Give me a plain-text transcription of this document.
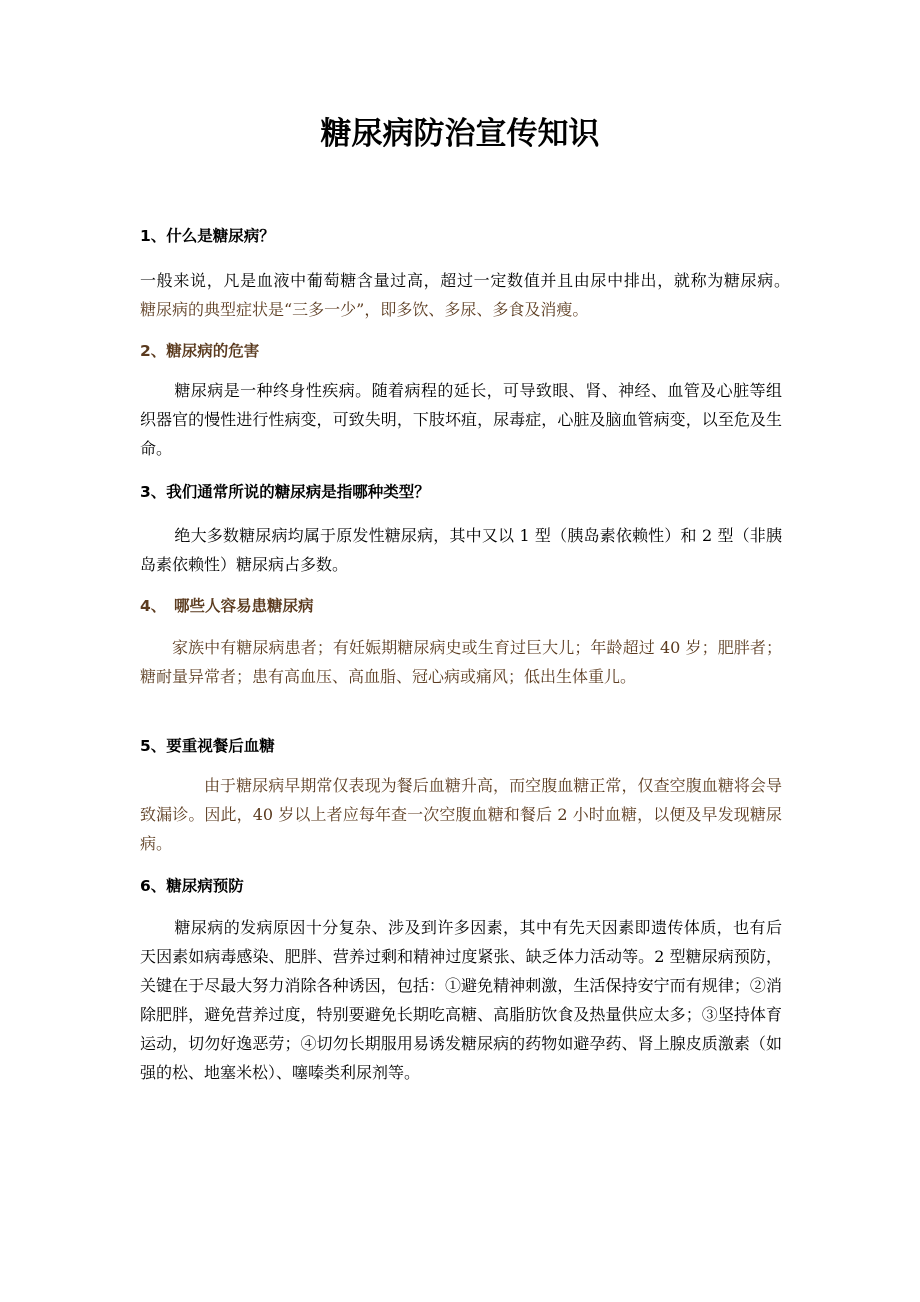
糖尿病防治宣传知识
1、什么是糖尿病？

一般来说，凡是血液中葡萄糖含量过高，超过一定数值并且由尿中排出，就称为糖尿病。　　糖尿病的典型症状是“三多一少”，即多饮、多尿、多食及消瘦。

2、糖尿病的危害

糖尿病是一种终身性疾病。随着病程的延长，可导致眼、肾、神经、血管及心脏等组织器官的慢性进行性病变，可致失明，下肢坏疽，尿毒症，心脏及脑血管病变，以至危及生命。

3、我们通常所说的糖尿病是指哪种类型？

绝大多数糖尿病均属于原发性糖尿病，其中又以 1 型（胰岛素依赖性）和 2 型（非胰岛素依赖性）糖尿病占多数。

4、　哪些人容易患糖尿病

家族中有糖尿病患者；有妊娠期糖尿病史或生育过巨大儿；年龄超过 40 岁；肥胖者；糖耐量异常者；患有高血压、高血脂、冠心病或痛风；低出生体重儿。

5、要重视餐后血糖

由于糖尿病早期常仅表现为餐后血糖升高，而空腹血糖正常，仅查空腹血糖将会导致漏诊。因此，40 岁以上者应每年查一次空腹血糖和餐后 2 小时血糖，以便及早发现糖尿病。

6、糖尿病预防

糖尿病的发病原因十分复杂、涉及到许多因素，其中有先天因素即遗传体质，也有后天因素如病毒感染、肥胖、营养过剩和精神过度紧张、缺乏体力活动等。2 型糖尿病预防，关键在于尽最大努力消除各种诱因，包括：①避免精神刺激，生活保持安宁而有规律；②消除肥胖，避免营养过度，特别要避免长期吃高糖、高脂肪饮食及热量供应太多；③坚持体育运动，切勿好逸恶劳；④切勿长期服用易诱发糖尿病的药物如避孕药、肾上腺皮质激素（如强的松、地塞米松）、噻嗪类利尿剂等。
